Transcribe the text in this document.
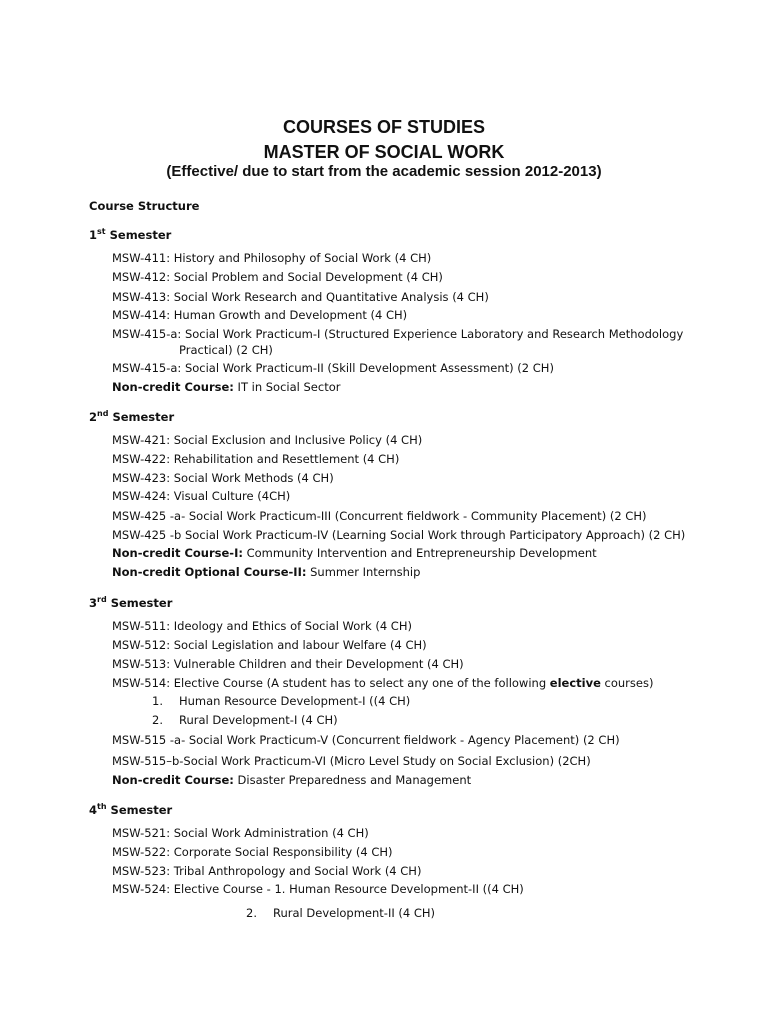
COURSES OF STUDIES
MASTER OF SOCIAL WORK
(Effective/ due to start from the academic session 2012-2013)
Course Structure
1st Semester
MSW-411: History and Philosophy of Social Work (4 CH)
MSW-412: Social Problem and Social Development (4 CH)
MSW-413: Social Work Research and Quantitative Analysis (4 CH)
MSW-414: Human Growth and Development (4 CH)
MSW-415-a: Social Work Practicum-I (Structured Experience Laboratory and Research Methodology
Practical) (2 CH)
MSW-415-a: Social Work Practicum-II (Skill Development Assessment) (2 CH)
Non-credit Course: IT in Social Sector
2nd Semester
MSW-421: Social Exclusion and Inclusive Policy (4 CH)
MSW-422: Rehabilitation and Resettlement (4 CH)
MSW-423: Social Work Methods (4 CH)
MSW-424: Visual Culture (4CH)
MSW-425 -a- Social Work Practicum-III (Concurrent fieldwork - Community Placement) (2 CH)
MSW-425 -b Social Work Practicum-IV (Learning Social Work through Participatory Approach) (2 CH)
Non-credit Course-I: Community Intervention and Entrepreneurship Development
Non-credit Optional Course-II: Summer Internship
3rd Semester
MSW-511: Ideology and Ethics of Social Work (4 CH)
MSW-512: Social Legislation and labour Welfare (4 CH)
MSW-513: Vulnerable Children and their Development (4 CH)
MSW-514: Elective Course (A student has to select any one of the following elective courses)
1. Human Resource Development-I ((4 CH)
2. Rural Development-I (4 CH)
MSW-515 -a- Social Work Practicum-V (Concurrent fieldwork - Agency Placement) (2 CH)
MSW-515–b-Social Work Practicum-VI (Micro Level Study on Social Exclusion) (2CH)
Non-credit Course: Disaster Preparedness and Management
4th Semester
MSW-521: Social Work Administration (4 CH)
MSW-522: Corporate Social Responsibility (4 CH)
MSW-523: Tribal Anthropology and Social Work (4 CH)
MSW-524: Elective Course - 1. Human Resource Development-II ((4 CH)
2. Rural Development-II (4 CH)
